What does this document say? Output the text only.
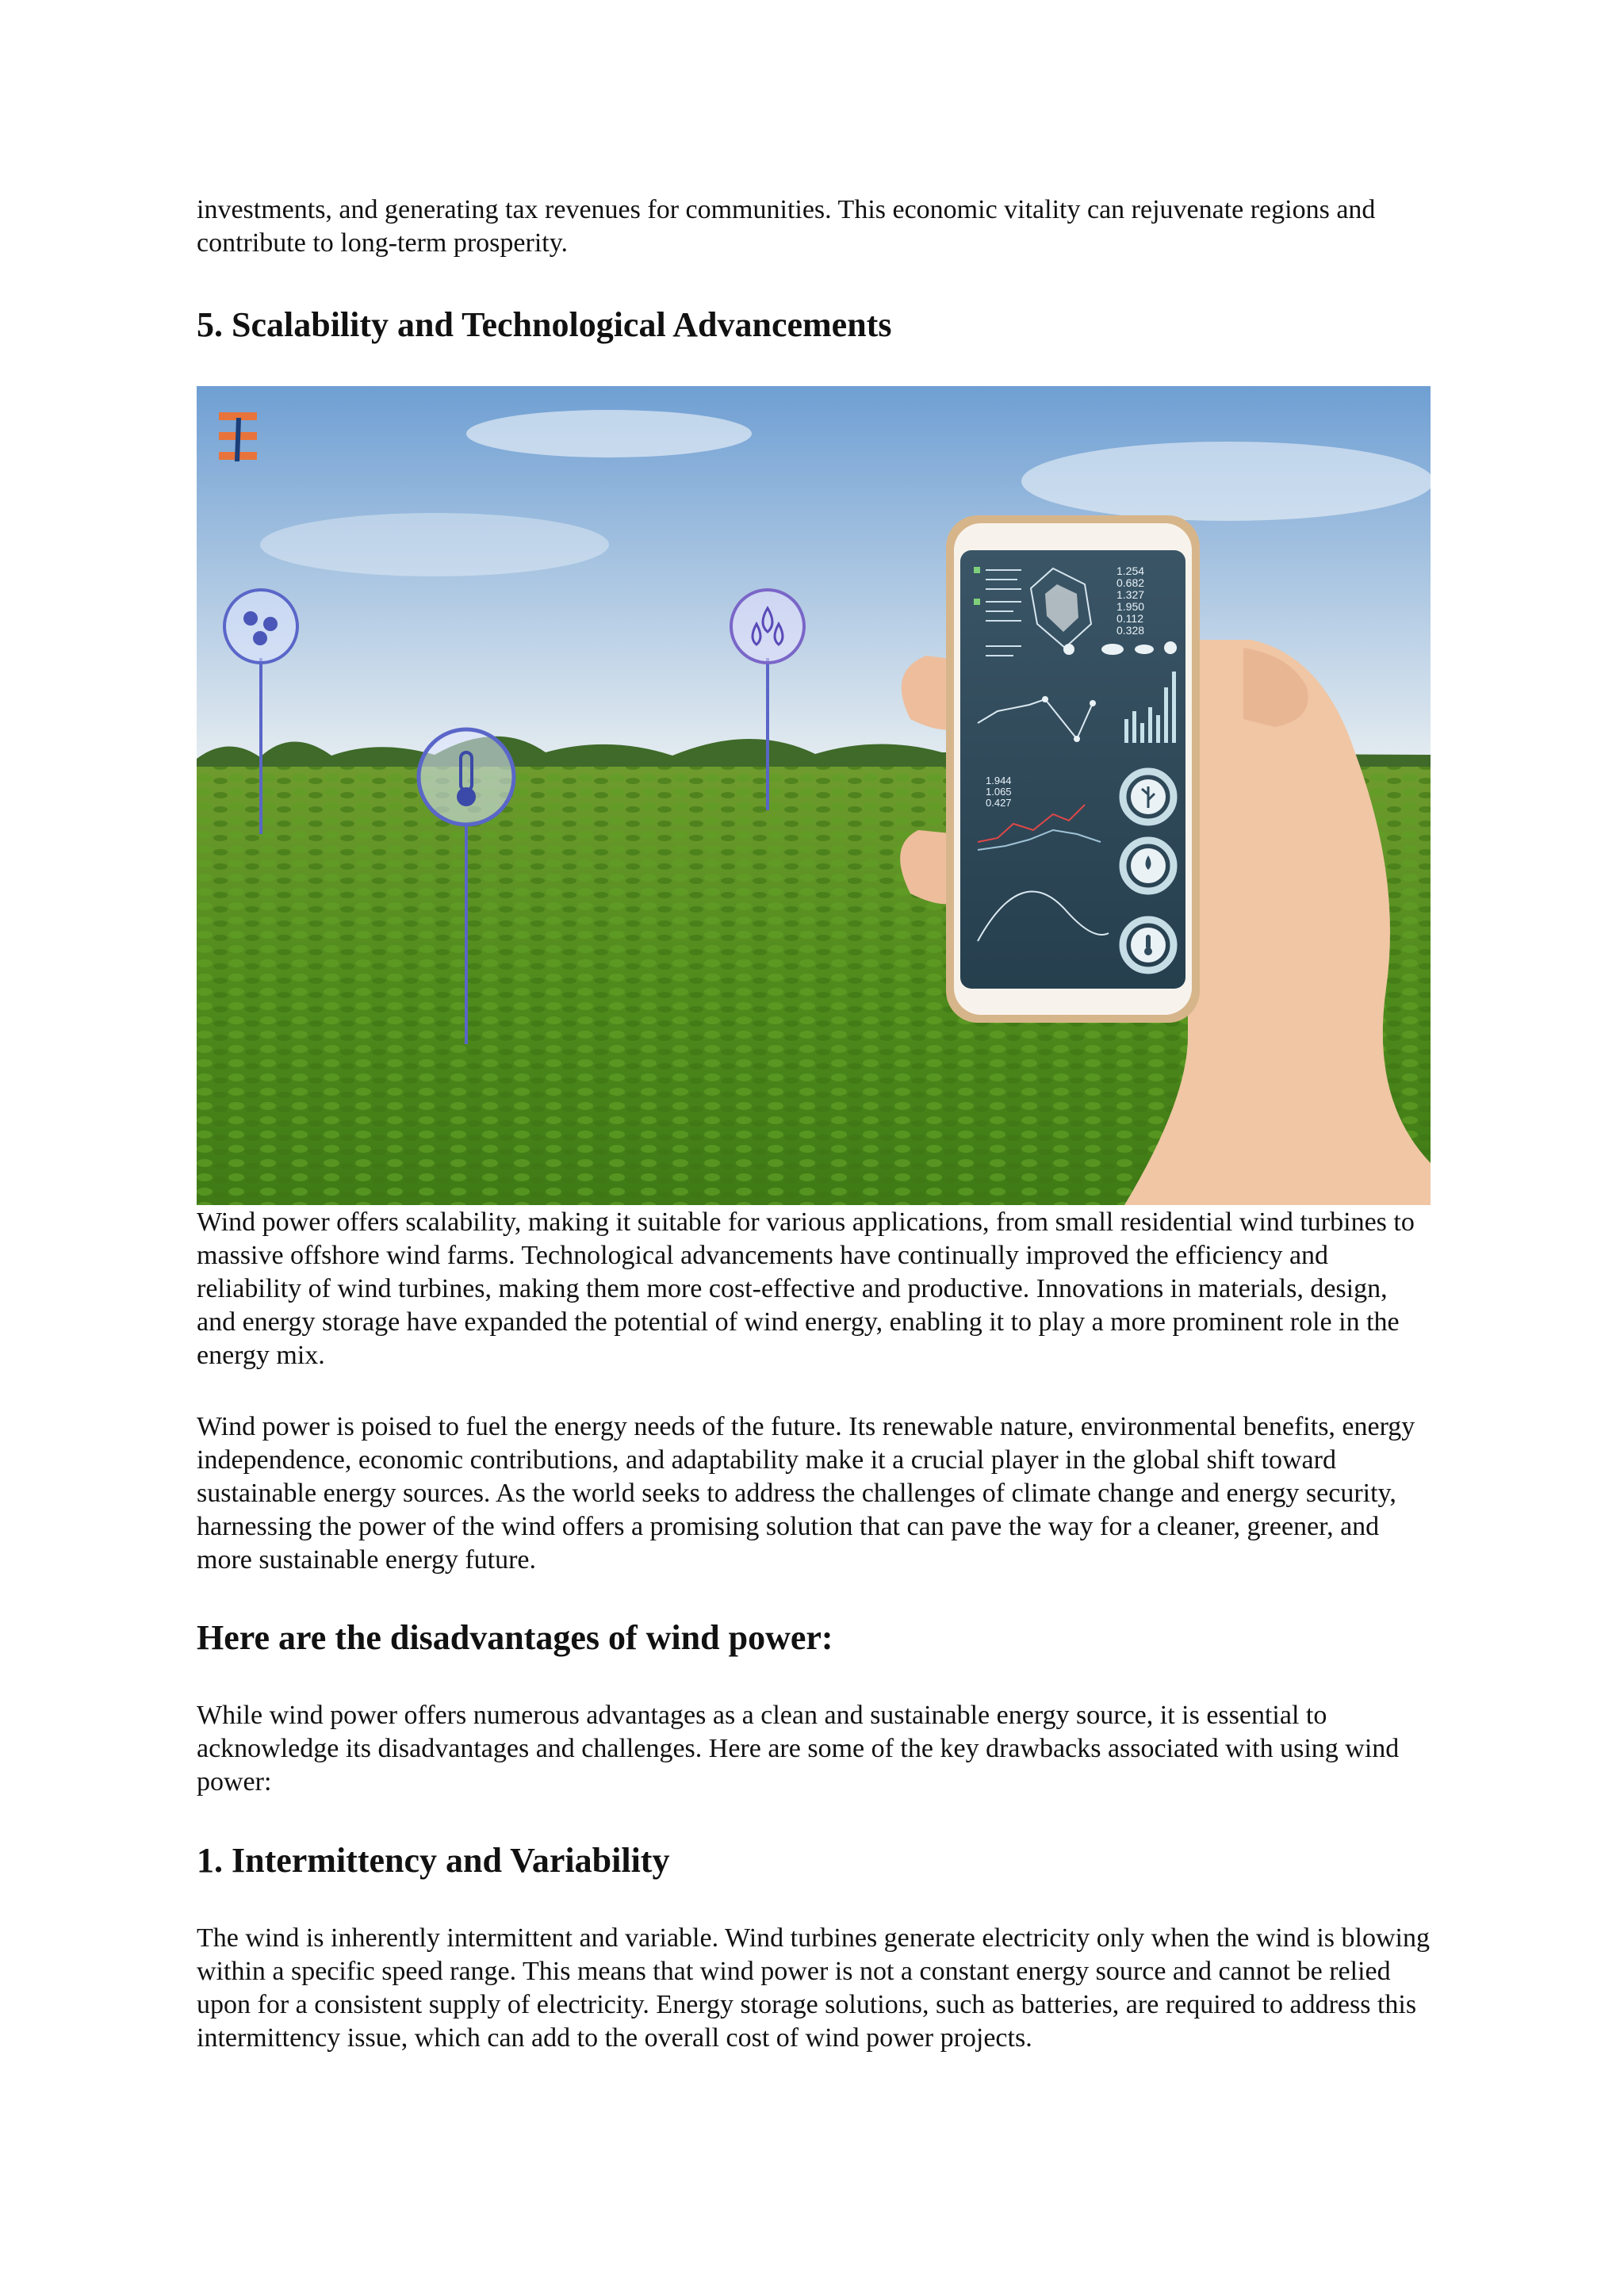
investments, and generating tax revenues for communities. This economic vitality can rejuvenate regions and contribute to long-term prosperity.

5. Scalability and Technological Advancements
1.254
0.682
1.327
1.950
0.112
0.328
1.944
1.065
0.427

Wind power offers scalability, making it suitable for various applications, from small residential wind turbines to massive offshore wind farms. Technological advancements have continually improved the efficiency and reliability of wind turbines, making them more cost-effective and productive. Innovations in materials, design, and energy storage have expanded the potential of wind energy, enabling it to play a more prominent role in the energy mix.

Wind power is poised to fuel the energy needs of the future. Its renewable nature, environmental benefits, energy independence, economic contributions, and adaptability make it a crucial player in the global shift toward sustainable energy sources. As the world seeks to address the challenges of climate change and energy security, harnessing the power of the wind offers a promising solution that can pave the way for a cleaner, greener, and more sustainable energy future.

Here are the disadvantages of wind power:

While wind power offers numerous advantages as a clean and sustainable energy source, it is essential to acknowledge its disadvantages and challenges. Here are some of the key drawbacks associated with using wind power:

1. Intermittency and Variability

The wind is inherently intermittent and variable. Wind turbines generate electricity only when the wind is blowing within a specific speed range. This means that wind power is not a constant energy source and cannot be relied upon for a consistent supply of electricity. Energy storage solutions, such as batteries, are required to address this intermittency issue, which can add to the overall cost of wind power projects.
